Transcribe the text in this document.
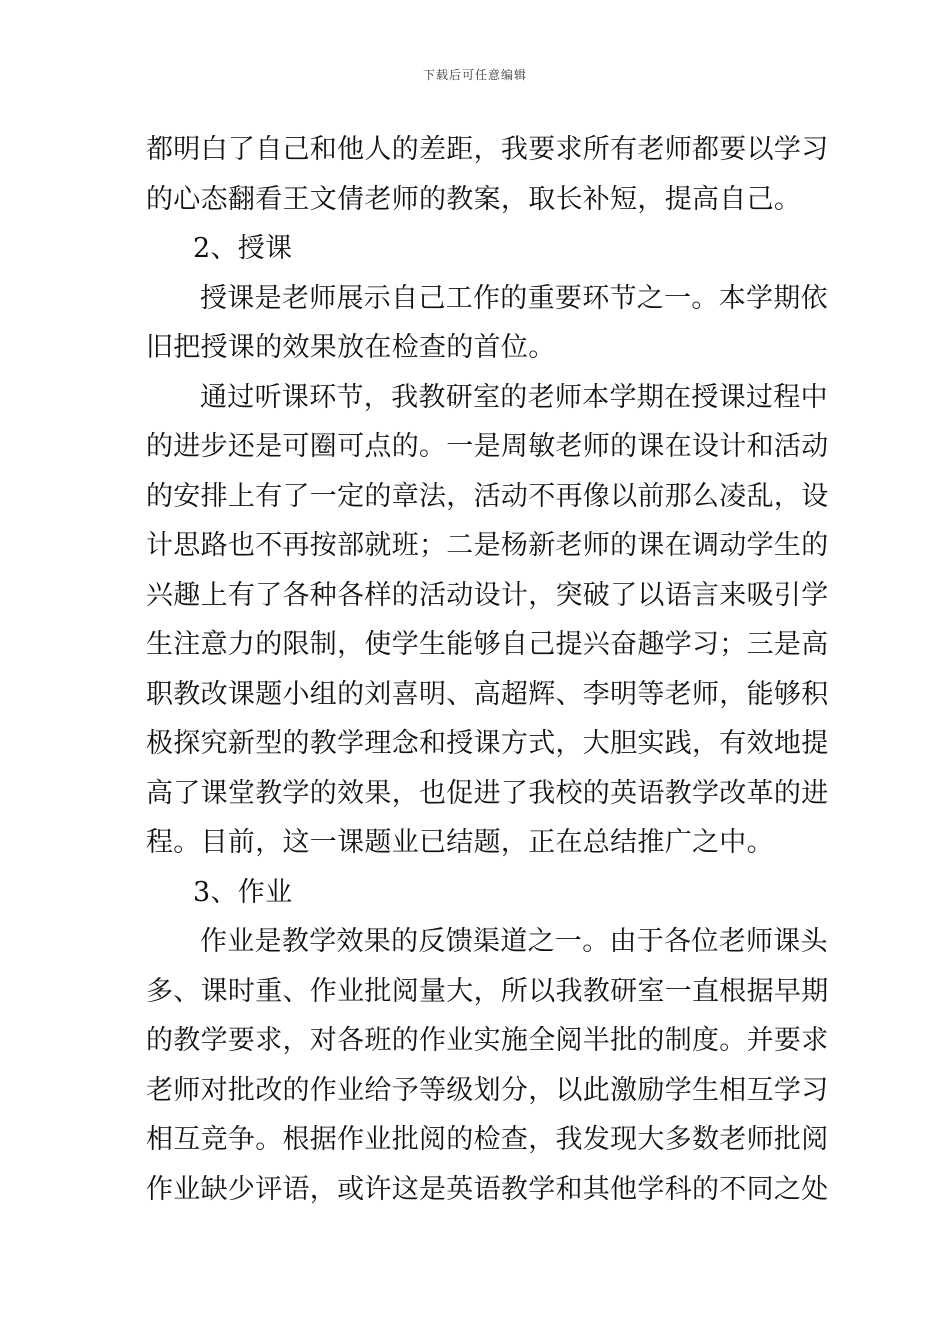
下载后可任意编辑
都明白了自己和他人的差距，我要求所有老师都要以学习
的心态翻看王文倩老师的教案，取长补短，提高自己。
2、授课
授课是老师展示自己工作的重要环节之一。本学期依
旧把授课的效果放在检查的首位。
通过听课环节，我教研室的老师本学期在授课过程中
的进步还是可圈可点的。一是周敏老师的课在设计和活动
的安排上有了一定的章法，活动不再像以前那么凌乱，设
计思路也不再按部就班；二是杨新老师的课在调动学生的
兴趣上有了各种各样的活动设计，突破了以语言来吸引学
生注意力的限制，使学生能够自己提兴奋趣学习；三是高
职教改课题小组的刘喜明、高超辉、李明等老师，能够积
极探究新型的教学理念和授课方式，大胆实践，有效地提
高了课堂教学的效果，也促进了我校的英语教学改革的进
程。目前，这一课题业已结题，正在总结推广之中。
3、作业
作业是教学效果的反馈渠道之一。由于各位老师课头
多、课时重、作业批阅量大，所以我教研室一直根据早期
的教学要求，对各班的作业实施全阅半批的制度。并要求
老师对批改的作业给予等级划分，以此激励学生相互学习
相互竞争。根据作业批阅的检查，我发现大多数老师批阅
作业缺少评语，或许这是英语教学和其他学科的不同之处
